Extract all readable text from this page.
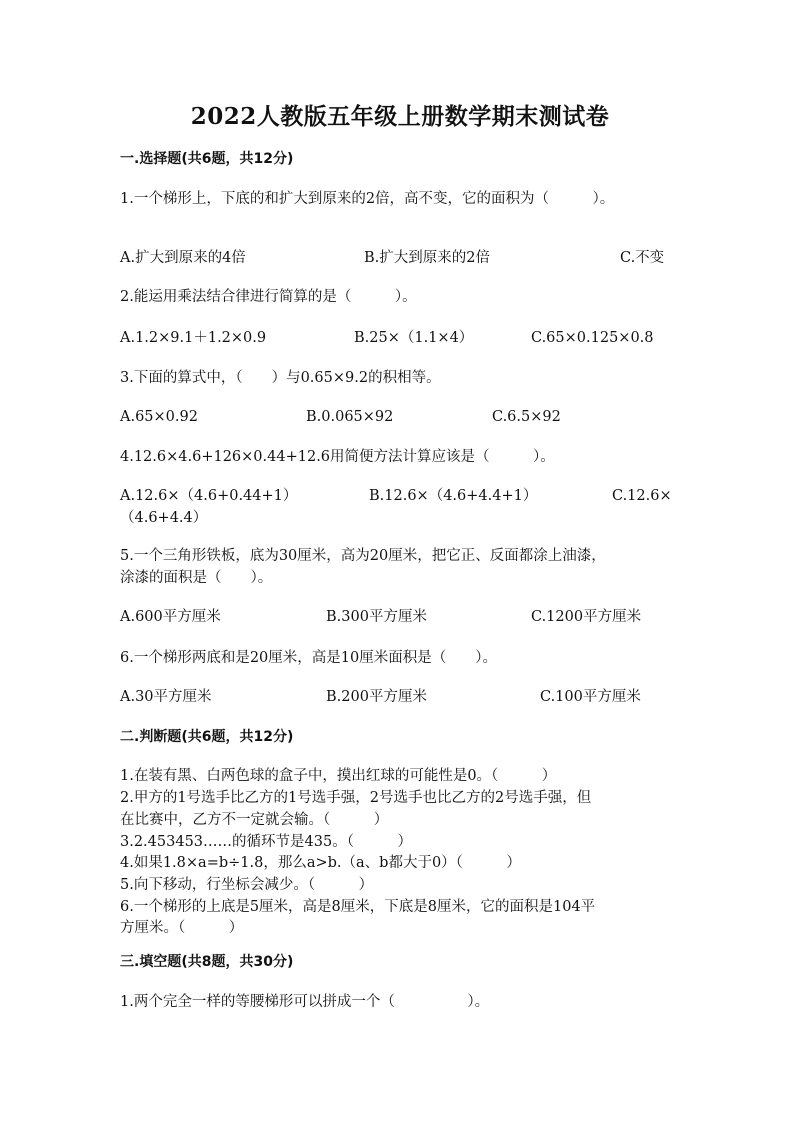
2022人教版五年级上册数学期末测试卷
一.选择题(共6题，共12分)
1.一个梯形上，下底的和扩大到原来的2倍，高不变，它的面积为（　　　）。
A.扩大到原来的4倍	B.扩大到原来的2倍	C.不变
2.能运用乘法结合律进行简算的是（　　　）。
A.1.2×9.1＋1.2×0.9	B.25×（1.1×4）	C.65×0.125×0.8
3.下面的算式中，（　　）与0.65×9.2的积相等。
A.65×0.92	B.0.065×92	C.6.5×92
4.12.6×4.6+126×0.44+12.6用简便方法计算应该是（　　　）。
A.12.6×（4.6+0.44+1）	B.12.6×（4.6+4.4+1）	C.12.6×
（4.6+4.4）
5.一个三角形铁板，底为30厘米，高为20厘米，把它正、反面都涂上油漆，
涂漆的面积是（　　）。
A.600平方厘米	B.300平方厘米	C.1200平方厘米
6.一个梯形两底和是20厘米，高是10厘米面积是（　　）。
A.30平方厘米	B.200平方厘米	C.100平方厘米
二.判断题(共6题，共12分)
1.在装有黑、白两色球的盒子中，摸出红球的可能性是0。（　　　）
2.甲方的1号选手比乙方的1号选手强，2号选手也比乙方的2号选手强，但
在比赛中，乙方不一定就会输。（　　　）
3.2.453453……的循环节是435。（　　　）
4.如果1.8×a=b÷1.8，那么a>b.（a、b都大于0）（　　　）
5.向下移动，行坐标会减少。（　　　）
6.一个梯形的上底是5厘米，高是8厘米，下底是8厘米，它的面积是104平
方厘米。（　　　）
三.填空题(共8题，共30分)
1.两个完全一样的等腰梯形可以拼成一个（　　　　　）。
